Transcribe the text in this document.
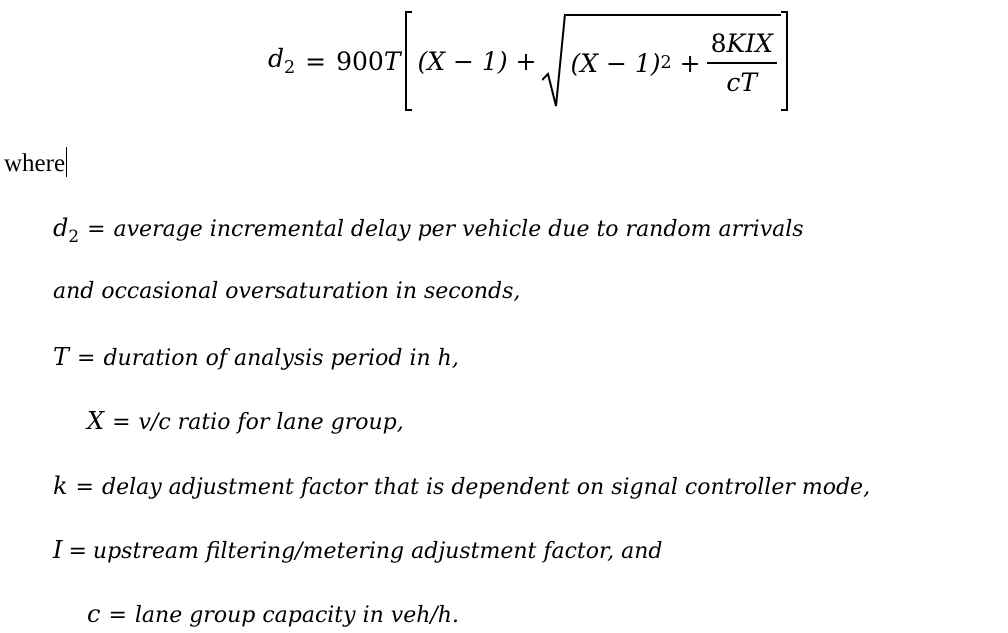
$d_2 = 900$ T (X − 1) + (X − 1) $2 + \frac{\text{8KIX}}{cT}$
where
$d_2$ = average incremental delay per vehicle due to random arrivals
and occasional oversaturation in seconds,
T = duration of analysis period in h,
X = v/c ratio for lane group,
k = delay adjustment factor that is dependent on signal controller mode,
I = upstream filtering/metering adjustment factor, and
c = lane group capacity in veh/h.
